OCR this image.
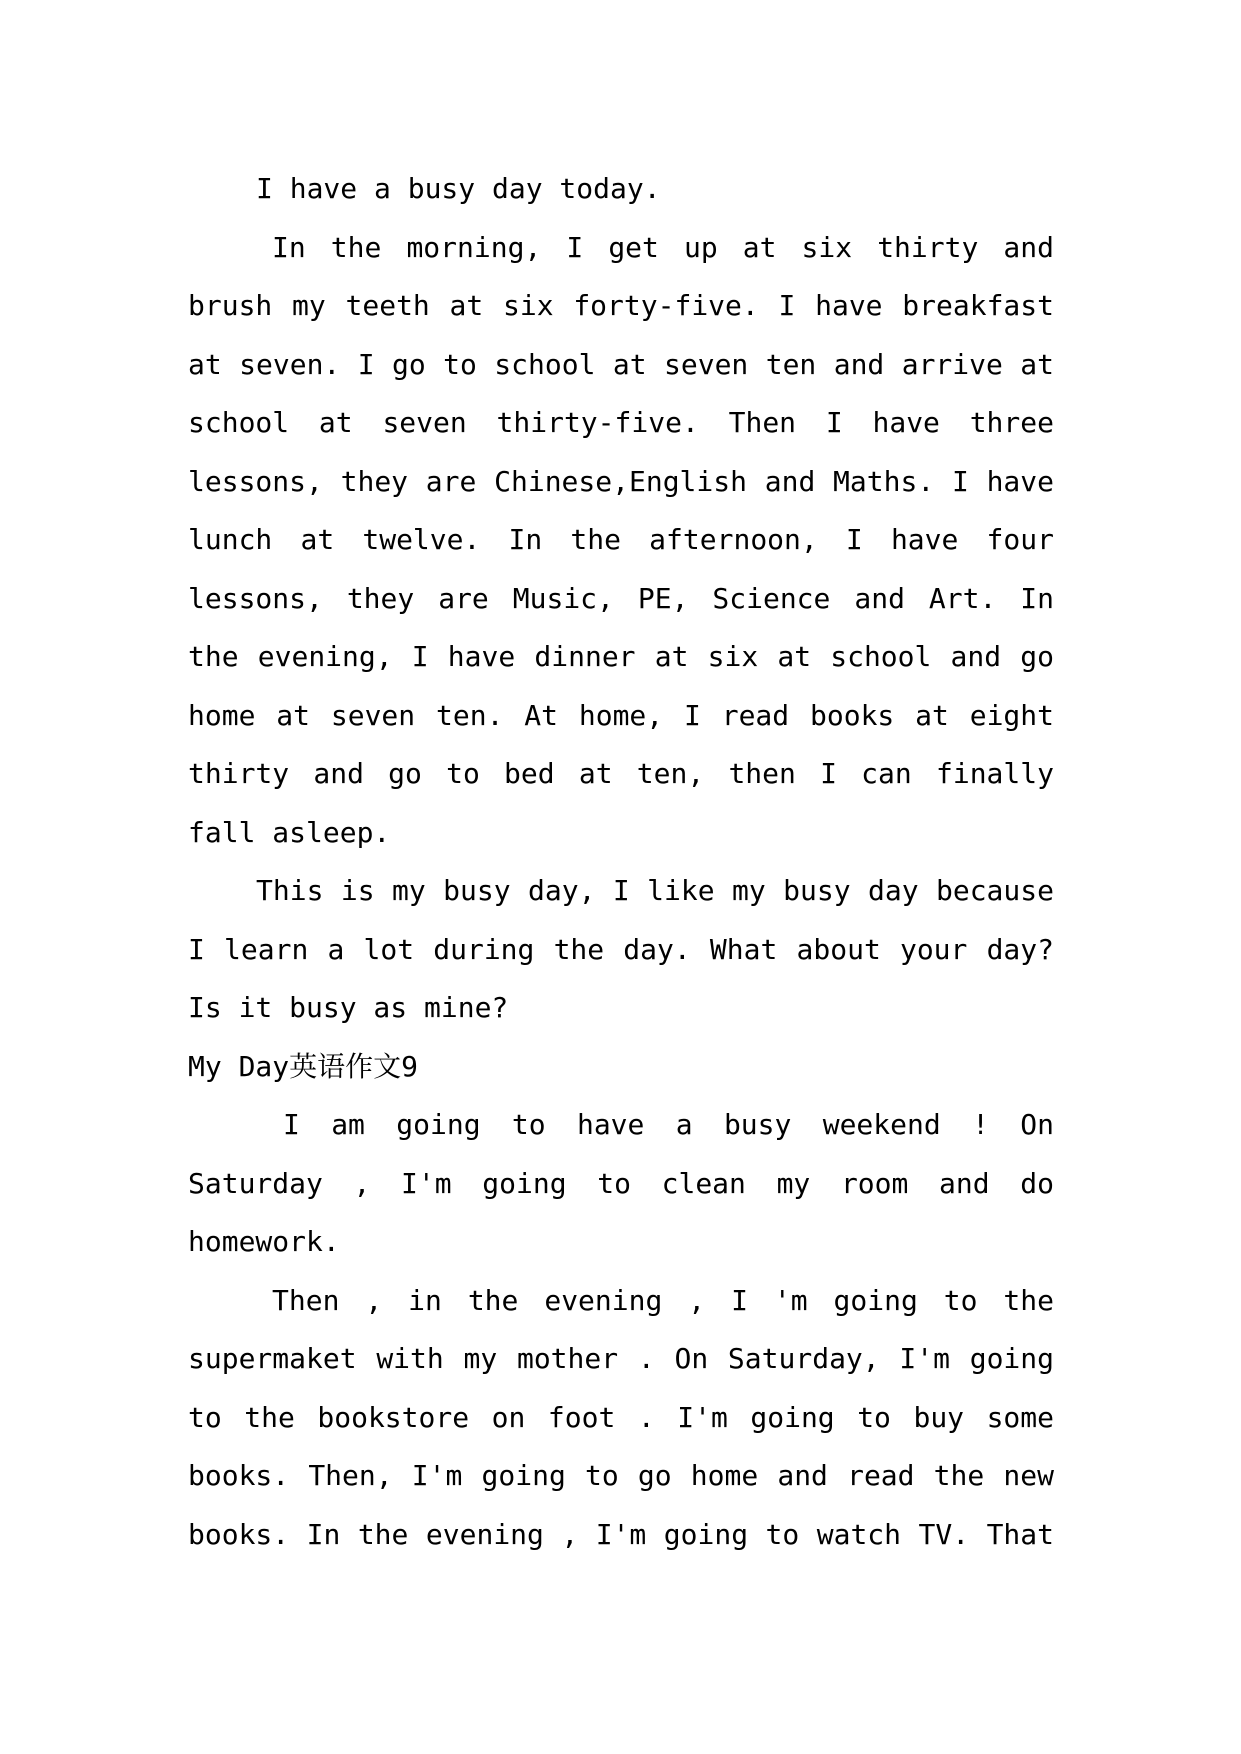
I have a busy day today.

In the morning, I get up at six thirty and brush my teeth at six forty-five. I have breakfast at seven. I go to school at seven ten and arrive at school at seven thirty-five. Then I have three lessons, they are Chinese,English and Maths. I have lunch at twelve. In the afternoon, I have four lessons, they are Music, PE, Science and Art. In the evening, I have dinner at six at school and go home at seven ten. At home, I read books at eight thirty and go to bed at ten, then I can finally fall asleep.

This is my busy day, I like my busy day because I learn a lot during the day. What about your day? Is it busy as mine?

My Day英语作文9

I am going to have a busy weekend ! On Saturday , I'm going to clean my room and do homework.

Then , in the evening , I 'm going to the supermaket with my mother . On Saturday, I'm going to the bookstore on foot . I'm going to buy some books. Then, I'm going to go home and read the new books. In the evening , I'm going to watch TV. That
